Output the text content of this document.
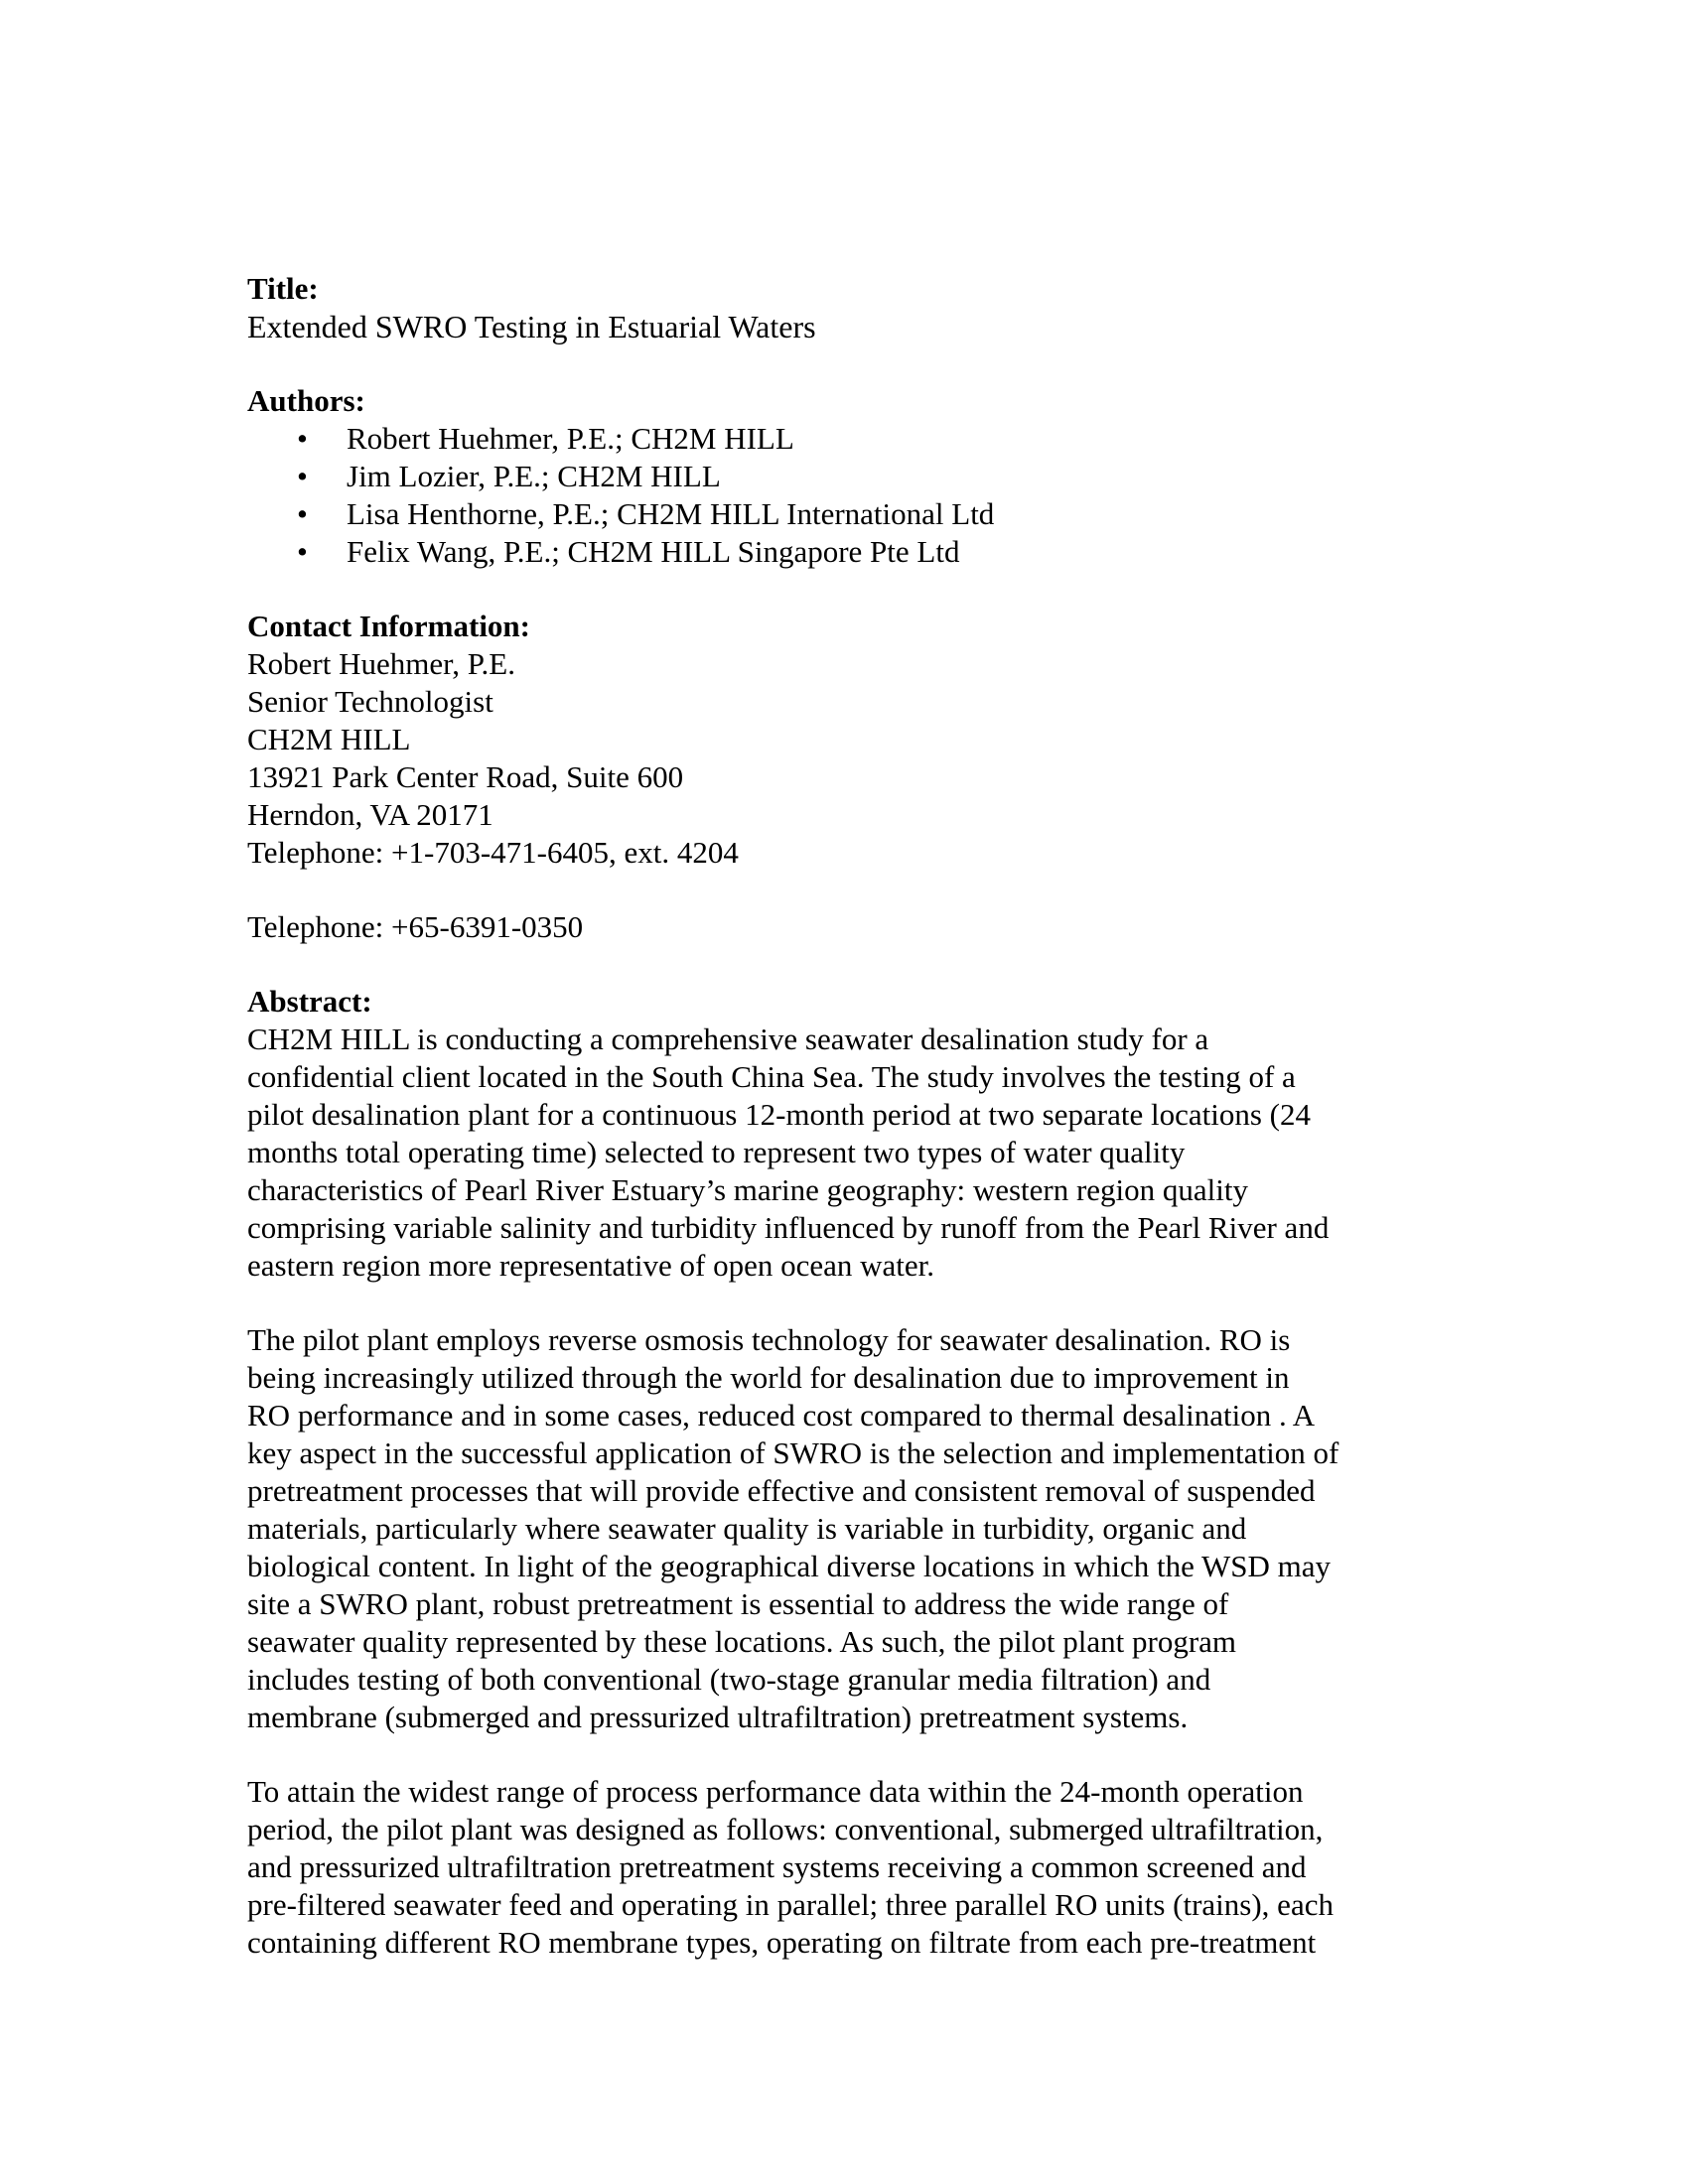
Title:
Extended SWRO Testing in Estuarial Waters
Authors:
• Robert Huehmer, P.E.; CH2M HILL
• Jim Lozier, P.E.; CH2M HILL
• Lisa Henthorne, P.E.; CH2M HILL International Ltd
• Felix Wang, P.E.; CH2M HILL Singapore Pte Ltd
Contact Information:
Robert Huehmer, P.E.
Senior Technologist
CH2M HILL
13921 Park Center Road, Suite 600
Herndon, VA 20171
Telephone: +1-703-471-6405, ext. 4204
Telephone: +65-6391-0350
Abstract:
CH2M HILL is conducting a comprehensive seawater desalination study for a
confidential client located in the South China Sea. The study involves the testing of a
pilot desalination plant for a continuous 12-month period at two separate locations (24
months total operating time) selected to represent two types of water quality
characteristics of Pearl River Estuary’s marine geography: western region quality
comprising variable salinity and turbidity influenced by runoff from the Pearl River and
eastern region more representative of open ocean water.
The pilot plant employs reverse osmosis technology for seawater desalination. RO is
being increasingly utilized through the world for desalination due to improvement in
RO performance and in some cases, reduced cost compared to thermal desalination . A
key aspect in the successful application of SWRO is the selection and implementation of
pretreatment processes that will provide effective and consistent removal of suspended
materials, particularly where seawater quality is variable in turbidity, organic and
biological content. In light of the geographical diverse locations in which the WSD may
site a SWRO plant, robust pretreatment is essential to address the wide range of
seawater quality represented by these locations. As such, the pilot plant program
includes testing of both conventional (two-stage granular media filtration) and
membrane (submerged and pressurized ultrafiltration) pretreatment systems.
To attain the widest range of process performance data within the 24-month operation
period, the pilot plant was designed as follows: conventional, submerged ultrafiltration,
and pressurized ultrafiltration pretreatment systems receiving a common screened and
pre-filtered seawater feed and operating in parallel; three parallel RO units (trains), each
containing different RO membrane types, operating on filtrate from each pre-treatment
